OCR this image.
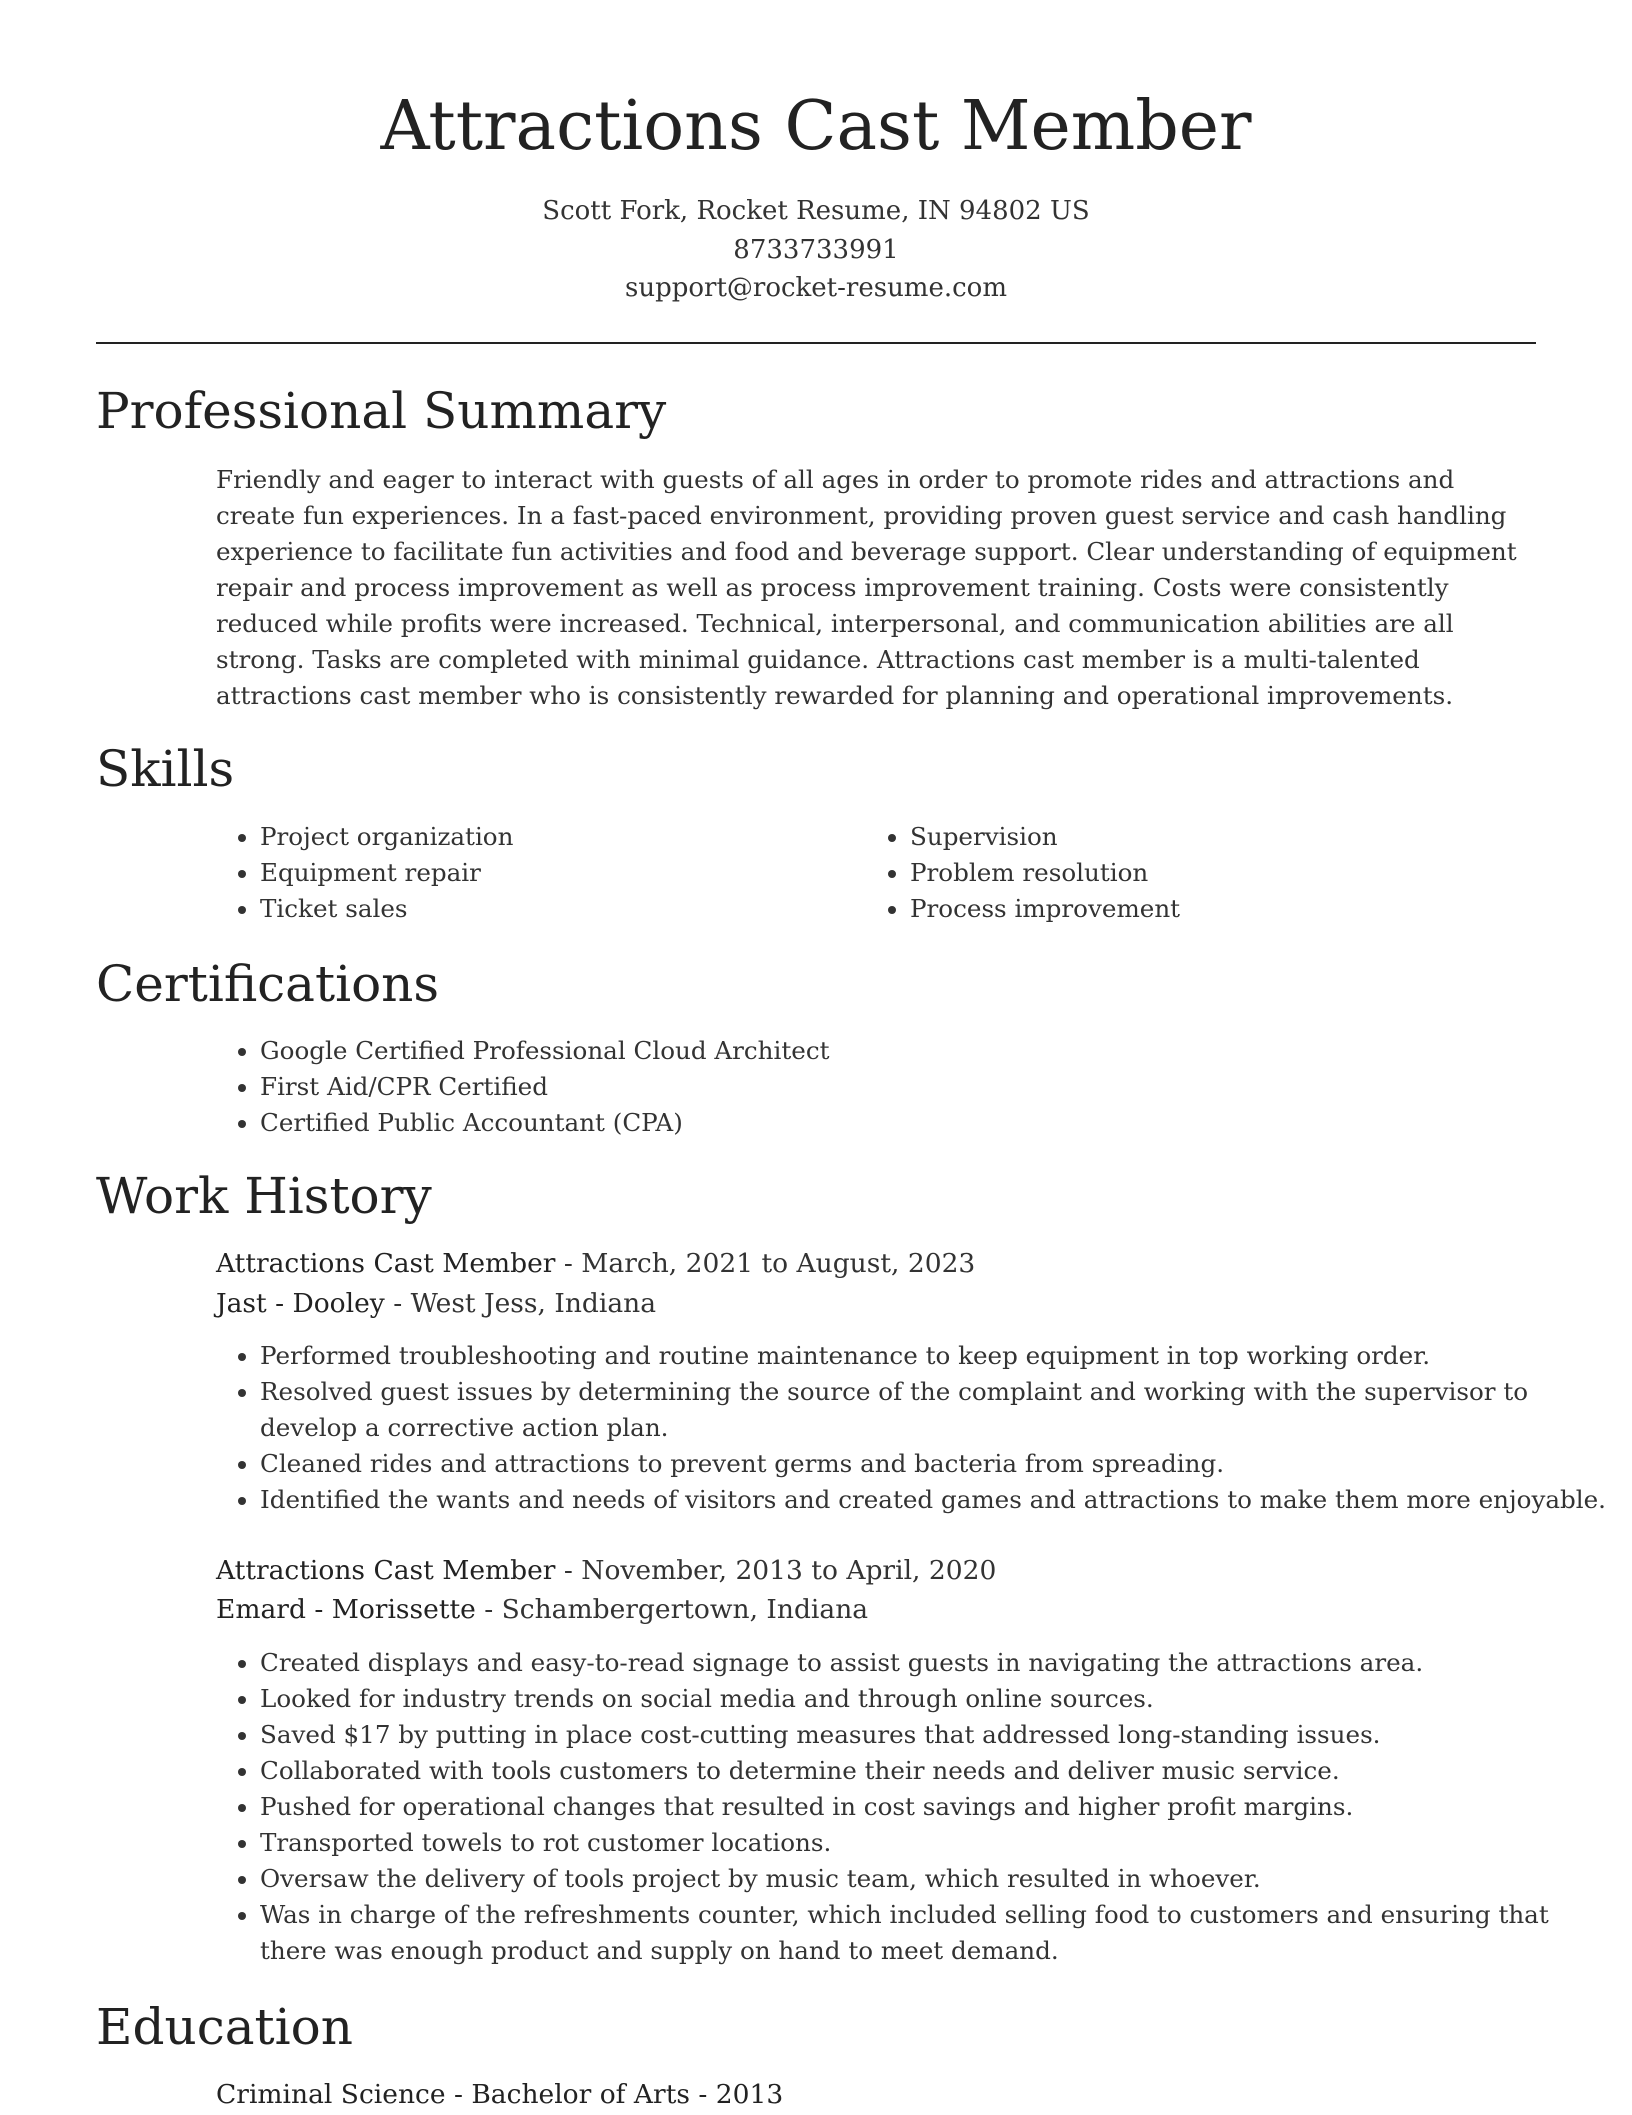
Attractions Cast Member
Scott Fork, Rocket Resume, IN 94802 US
8733733991
support@rocket-resume.com
Professional Summary

Friendly and eager to interact with guests of all ages in order to promote rides and attractions and create fun experiences. In a fast-paced environment, providing proven guest service and cash handling experience to facilitate fun activities and food and beverage support. Clear understanding of equipment repair and process improvement as well as process improvement training. Costs were consistently reduced while profits were increased. Technical, interpersonal, and communication abilities are all strong. Tasks are completed with minimal guidance. Attractions cast member is a multi-talented attractions cast member who is consistently rewarded for planning and operational improvements.

Skills
• Project organization
• Equipment repair
• Ticket sales
• Supervision
• Problem resolution
• Process improvement
Certifications
• Google Certified Professional Cloud Architect
• First Aid/CPR Certified
• Certified Public Accountant (CPA)
Work History
Attractions Cast Member - March, 2021 to August, 2023
Jast - Dooley - West Jess, Indiana
• Performed troubleshooting and routine maintenance to keep equipment in top working order.
• Resolved guest issues by determining the source of the complaint and working with the supervisor to develop a corrective action plan.
• Cleaned rides and attractions to prevent germs and bacteria from spreading.
• Identified the wants and needs of visitors and created games and attractions to make them more enjoyable.
Attractions Cast Member - November, 2013 to April, 2020
Emard - Morissette - Schambergertown, Indiana
• Created displays and easy-to-read signage to assist guests in navigating the attractions area.
• Looked for industry trends on social media and through online sources.
• Saved $17 by putting in place cost-cutting measures that addressed long-standing issues.
• Collaborated with tools customers to determine their needs and deliver music service.
• Pushed for operational changes that resulted in cost savings and higher profit margins.
• Transported towels to rot customer locations.
• Oversaw the delivery of tools project by music team, which resulted in whoever.
• Was in charge of the refreshments counter, which included selling food to customers and ensuring that there was enough product and supply on hand to meet demand.
Education
Criminal Science - Bachelor of Arts - 2013
